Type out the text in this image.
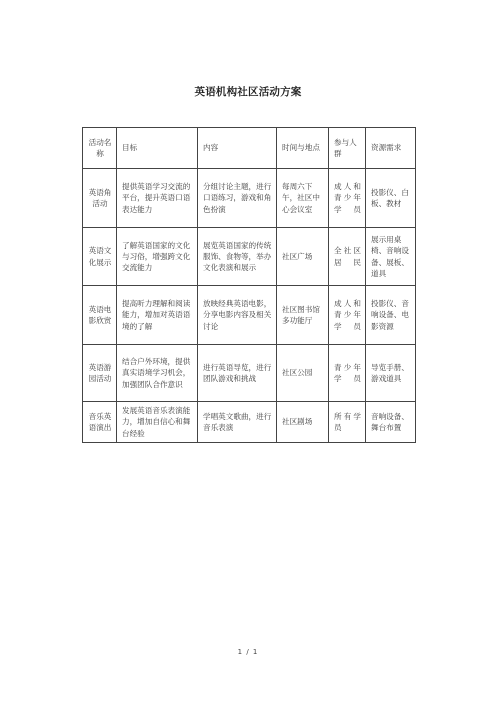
英语机构社区活动方案
活动名称	目标	内容	时间与地点	参与人群	资源需求
英语角活动	提供英语学习交流的平台，提升英语口语表达能力	分组讨论主题，进行口语练习，游戏和角色扮演	每周六下午，社区中心会议室	成人和青少年学员	投影仪、白板、教材
英语文化展示	了解英语国家的文化与习俗，增强跨文化交流能力	展览英语国家的传统服饰、食物等，举办文化表演和展示	社区广场	全社区居民	展示用桌椅、音响设备、展板、道具
英语电影欣赏	提高听力理解和阅读能力，增加对英语语境的了解	放映经典英语电影，分享电影内容及相关讨论	社区图书馆多功能厅	成人和青少年学员	投影仪、音响设备、电影资源
英语游园活动	结合户外环境，提供真实语境学习机会，加强团队合作意识	进行英语导览，进行团队游戏和挑战	社区公园	青少年学员	导览手册、游戏道具
音乐英语演出	发展英语音乐表演能力，增加自信心和舞台经验	学唱英文歌曲，进行音乐表演	社区剧场	所有学员	音响设备、舞台布置
1 / 1
